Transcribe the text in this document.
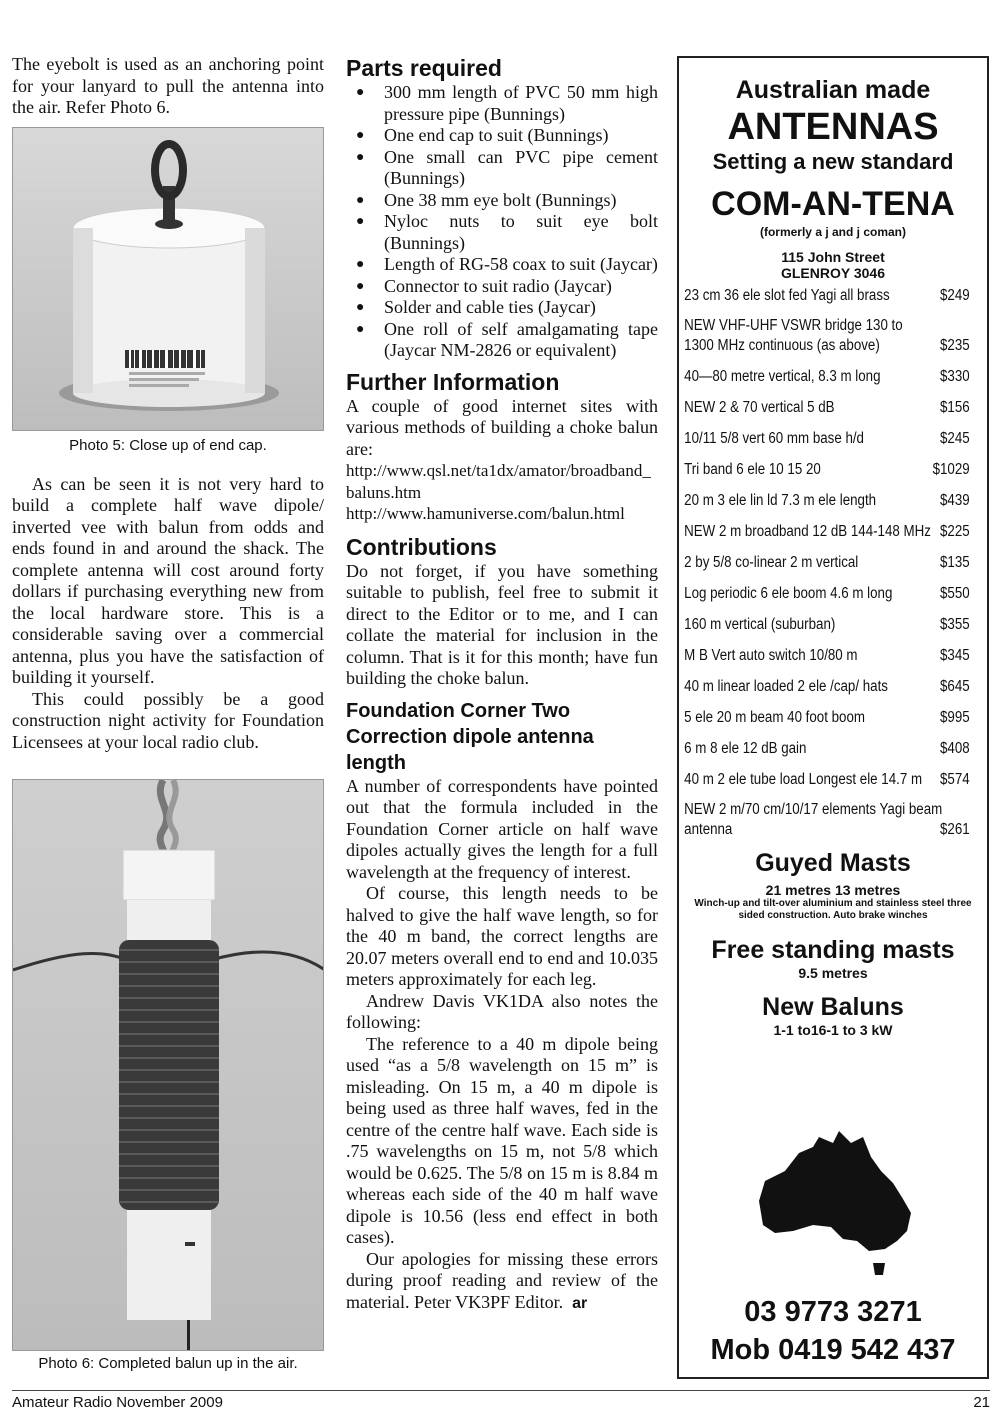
The eyebolt is used as an anchoring point for your lanyard to pull the antenna into the air. Refer Photo 6.

Photo 5: Close up of end cap.

As can be seen it is not very hard to build a complete half wave dipole/ inverted vee with balun from odds and ends found in and around the shack. The complete antenna will cost around forty dollars if purchasing everything new from the local hardware store. This is a considerable saving over a commercial antenna, plus you have the satisfaction of building it yourself.

This could possibly be a good construction night activity for Foundation Licensees at your local radio club.

Photo 6: Completed balun up in the air.

Parts required
● 300 mm length of PVC 50 mm high pressure pipe (Bunnings)
● One end cap to suit (Bunnings)
● One small can PVC pipe cement (Bunnings)
● One 38 mm eye bolt (Bunnings)
● Nyloc nuts to suit eye bolt (Bunnings)
● Length of RG-58 coax to suit (Jaycar)
● Connector to suit radio (Jaycar)
● Solder and cable ties (Jaycar)
● One roll of self amalgamating tape (Jaycar NM-2826 or equivalent)
Further Information

A couple of good internet sites with various methods of building a choke balun are:

http://www.qsl.net/ta1dx/amator/broadband_baluns.htm

http://www.hamuniverse.com/balun.html

Contributions

Do not forget, if you have something suitable to publish, feel free to submit it direct to the Editor or to me, and I can collate the material for inclusion in the column. That is it for this month; have fun building the choke balun.

Foundation Corner Two Correction dipole antenna length

A number of correspondents have pointed out that the formula included in the Foundation Corner article on half wave dipoles actually gives the length for a full wavelength at the frequency of interest.

Of course, this length needs to be halved to give the half wave length, so for the 40 m band, the correct lengths are 20.07 meters overall end to end and 10.035 meters approximately for each leg.

Andrew Davis VK1DA also notes the following:

The reference to a 40 m dipole being used “as a 5/8 wavelength on 15 m” is misleading. On 15 m, a 40 m dipole is being used as three half waves, fed in the centre of the centre half wave. Each side is .75 wavelengths on 15 m, not 5/8 which would be 0.625. The 5/8 on 15 m is 8.84 m whereas each side of the 40 m half wave dipole is 10.56 (less end effect in both cases).

Our apologies for missing these errors during proof reading and review of the material. Peter VK3PF Editor. ar

Australian made
ANTENNAS
Setting a new standard
COM-AN-TENA
(formerly a j and j coman)
115 John Street
GLENROY 3046
23 cm 36 ele slot fed Yagi all brass	$249
NEW VHF-UHF VSWR bridge 130 to
1300 MHz continuous (as above)	$235
40—80 metre vertical, 8.3 m long	$330
NEW 2 & 70 vertical 5 dB	$156
10/11 5/8 vert 60 mm base h/d	$245
Tri band 6 ele 10 15 20	$1029
20 m 3 ele lin ld 7.3 m ele length	$439
NEW 2 m broadband 12 dB 144-148 MHz $225
2 by 5/8 co-linear 2 m vertical	$135
Log periodic 6 ele boom 4.6 m long	$550
160 m vertical (suburban)	$355
M B Vert auto switch 10/80 m	$345
40 m linear loaded 2 ele /cap/ hats	$645
5 ele 20 m beam 40 foot boom	$995
6 m 8 ele 12 dB gain	$408
40 m 2 ele tube load Longest ele 14.7 m $574
NEW 2 m/70 cm/10/17 elements Yagi beam
antenna	$261
Guyed Masts
21 metres 13 metres
Winch-up and tilt-over aluminium and stainless steel three sided construction. Auto brake winches
Free standing masts
9.5 metres
New Baluns
1-1 to16-1 to 3 kW
03 9773 3271
Mob 0419 542 437
Amateur Radio November 2009	21
